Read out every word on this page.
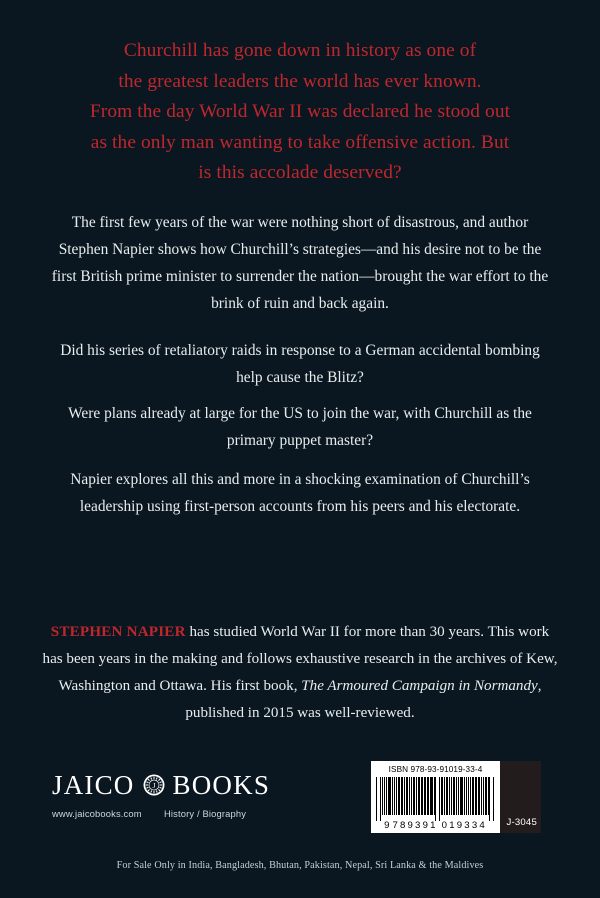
Churchill has gone down in history as one of
the greatest leaders the world has ever known.
From the day World War II was declared he stood out
as the only man wanting to take offensive action. But
is this accolade deserved?
The first few years of the war were nothing short of disastrous, and author Stephen Napier shows how Churchill’s strategies—and his desire not to be the first British prime minister to surrender the nation—brought the war effort to the brink of ruin and back again.
Did his series of retaliatory raids in response to a German accidental bombing help cause the Blitz?
Were plans already at large for the US to join the war, with Churchill as the primary puppet master?
Napier explores all this and more in a shocking examination of Churchill’s leadership using first-person accounts from his peers and his electorate.
STEPHEN NAPIER has studied World War II for more than 30 years. This work has been years in the making and follows exhaustive research in the archives of Kew, Washington and Ottawa. His first book, The Armoured Campaign in Normandy, published in 2015 was well-reviewed.
JAICO J BOOKS
www.jaicobooks.com	History / Biography
ISBN 978-93-91019-33-4
9 789391 019334 J-3045
For Sale Only in India, Bangladesh, Bhutan, Pakistan, Nepal, Sri Lanka & the Maldives
